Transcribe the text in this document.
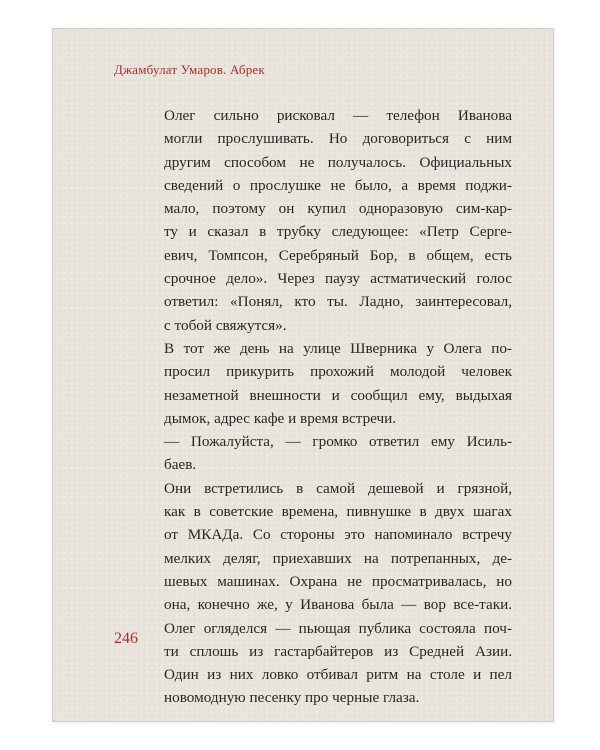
Джамбулат Умаров. Абрек

Олег сильно рисковал — телефон Иванова
могли прослушивать. Но договориться с ним
другим способом не получалось. Официальных
сведений о прослушке не было, а время поджи-
мало, поэтому он купил одноразовую сим-кар-
ту и сказал в трубку следующее: «Петр Серге-
евич, Томпсон, Серебряный Бор, в общем, есть
срочное дело». Через паузу астматический голос
ответил: «Понял, кто ты. Ладно, заинтересовал,
с тобой свяжутся».

В тот же день на улице Шверника у Олега по-
просил прикурить прохожий молодой человек
незаметной внешности и сообщил ему, выдыхая
дымок, адрес кафе и время встречи.

— Пожалуйста, — громко ответил ему Исиль-
баев.

Они встретились в самой дешевой и грязной,
как в советские времена, пивнушке в двух шагах
от МКАДа. Со стороны это напоминало встречу
мелких деляг, приехавших на потрепанных, де-
шевых машинах. Охрана не просматривалась, но
она, конечно же, у Иванова была — вор все-таки.
Олег огляделся — пьющая публика состояла поч-
ти сплошь из гастарбайтеров из Средней Азии.
Один из них ловко отбивал ритм на столе и пел
новомодную песенку про черные глаза.

246
